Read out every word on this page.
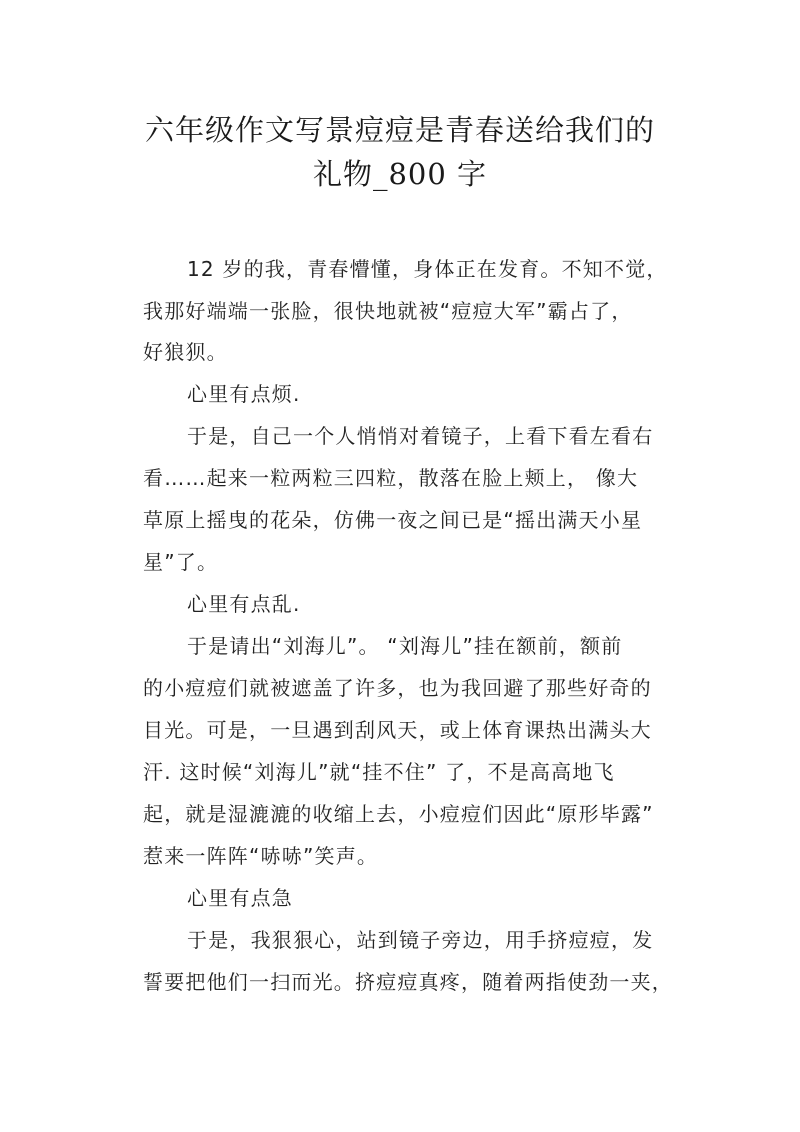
六年级作文写景痘痘是青春送给我们的
礼物_800 字
12 岁的我，青春懵懂，身体正在发育。不知不觉，
我那好端端一张脸，很快地就被“痘痘大军”霸占了，
好狼狈。
心里有点烦.
于是，自己一个人悄悄对着镜子，上看下看左看右
看……起来一粒两粒三四粒，散落在脸上颊上， 像大
草原上摇曳的花朵，仿佛一夜之间已是“摇出满天小星
星”了。
心里有点乱.
于是请出“刘海儿”。 “刘海儿”挂在额前，额前
的小痘痘们就被遮盖了许多，也为我回避了那些好奇的
目光。可是，一旦遇到刮风天，或上体育课热出满头大
汗. 这时候“刘海儿”就“挂不住” 了，不是高高地飞
起，就是湿漉漉的收缩上去，小痘痘们因此“原形毕露”
惹来一阵阵“哧哧”笑声。
心里有点急
于是，我狠狠心，站到镜子旁边，用手挤痘痘，发
誓要把他们一扫而光。挤痘痘真疼，随着两指使劲一夹，
